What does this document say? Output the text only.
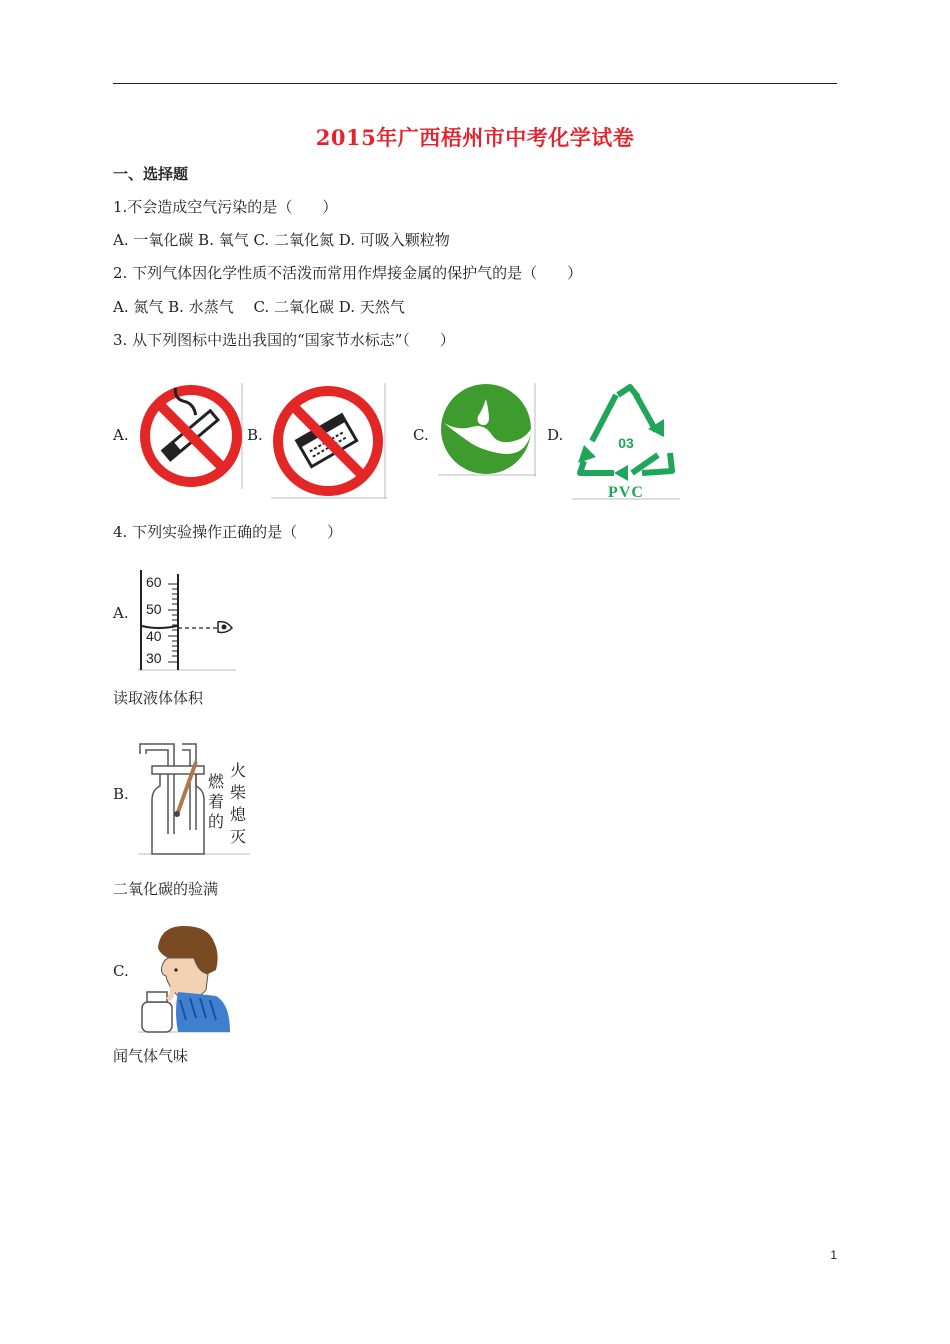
2015年广西梧州市中考化学试卷
一、选择题
1.不会造成空气污染的是（　　）
A. 一氧化碳 B. 氧气 C. 二氧化氮 D. 可吸入颗粒物
2. 下列气体因化学性质不活泼而常用作焊接金属的保护气的是（　　）
A. 氮气 B. 水蒸气　 C. 二氧化碳 D. 天然气
3. 从下列图标中选出我国的“国家节水标志”（　　）
A.	B.	C.	D.	03
PVC
4. 下列实验操作正确的是（　　）
A.
60
50
40
30
读取液体体积
B.
燃着的
火柴熄灭
二氧化碳的验满
C.
闻气体气味
1
